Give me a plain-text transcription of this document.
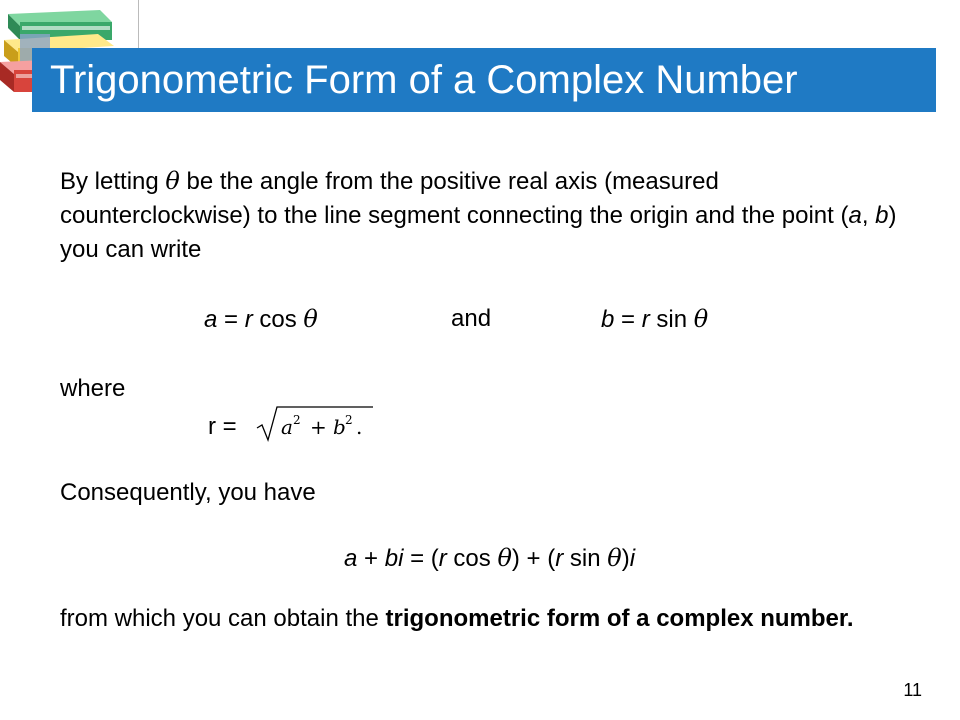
Trigonometric Form of a Complex Number

By letting θ be the angle from the positive real axis (measured counterclockwise) to the line segment connecting the origin and the point (a, b) you can write

a = r cos θ	and	b = r sin θ

where

r = a 2 + b 2 .

Consequently, you have

a + bi = (r cos θ) + (r sin θ)i

from which you can obtain the trigonometric form of a complex number.

11
